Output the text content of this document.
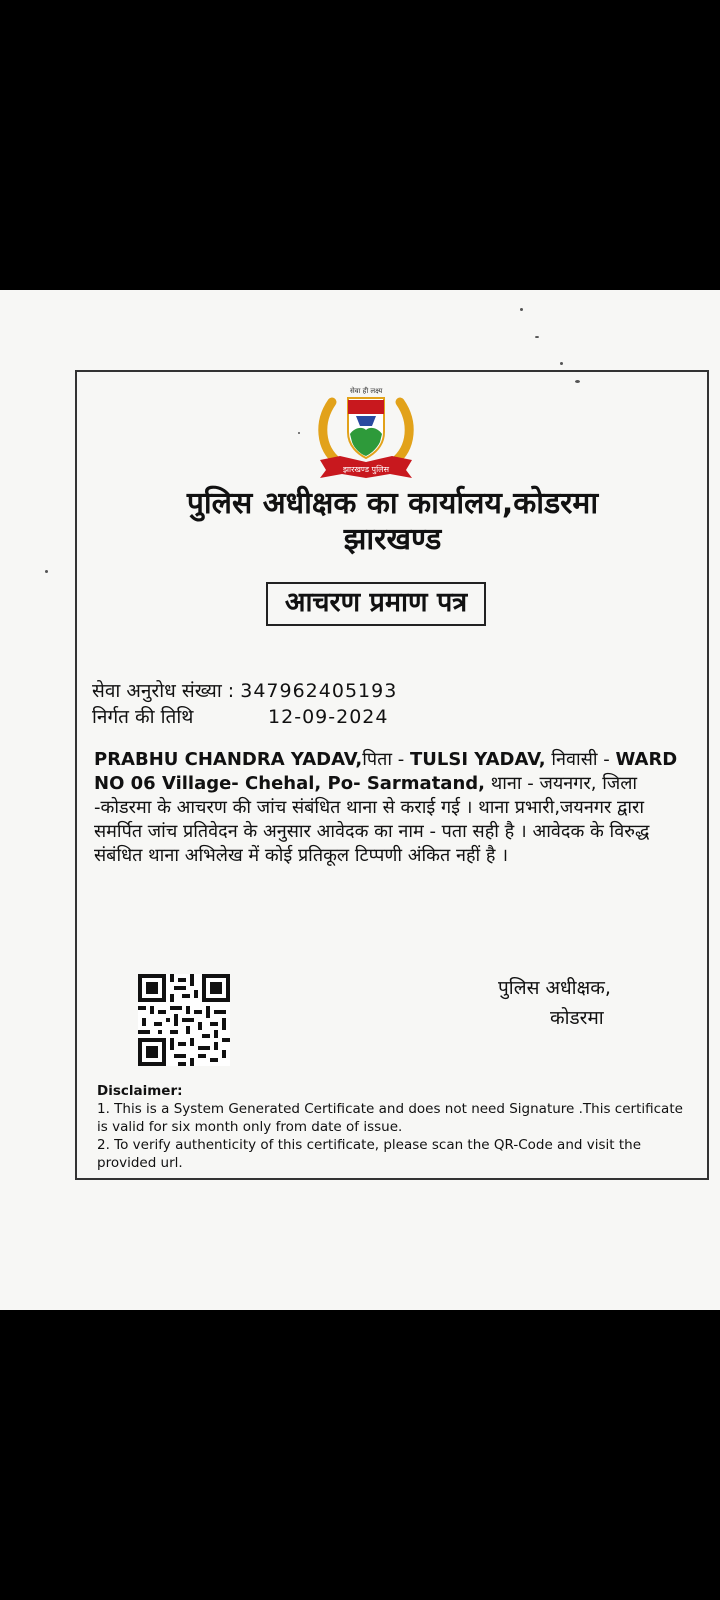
सेवा ही लक्ष्य
झारखण्ड पुलिस
पुलिस अधीक्षक का कार्यालय,कोडरमा
झारखण्ड
आचरण प्रमाण पत्र
सेवा अनुरोध संख्या : 347962405193
निर्गत की तिथि	12-09-2024
PRABHU CHANDRA YADAV,पिता - TULSI YADAV, निवासी - WARD NO 06 Village- Chehal, Po- Sarmatand, थाना - जयनगर, जिला -कोडरमा के आचरण की जांच संबंधित थाना से कराई गई । थाना प्रभारी,जयनगर द्वारा समर्पित जांच प्रतिवेदन के अनुसार आवेदक का नाम - पता सही है । आवेदक के विरुद्ध संबंधित थाना अभिलेख में कोई प्रतिकूल टिप्पणी अंकित नहीं है ।
पुलिस अधीक्षक,
कोडरमा
Disclaimer:
1. This is a System Generated Certificate and does not need Signature .This certificate is valid for six month only from date of issue.
2. To verify authenticity of this certificate, please scan the QR-Code and visit the provided url.
